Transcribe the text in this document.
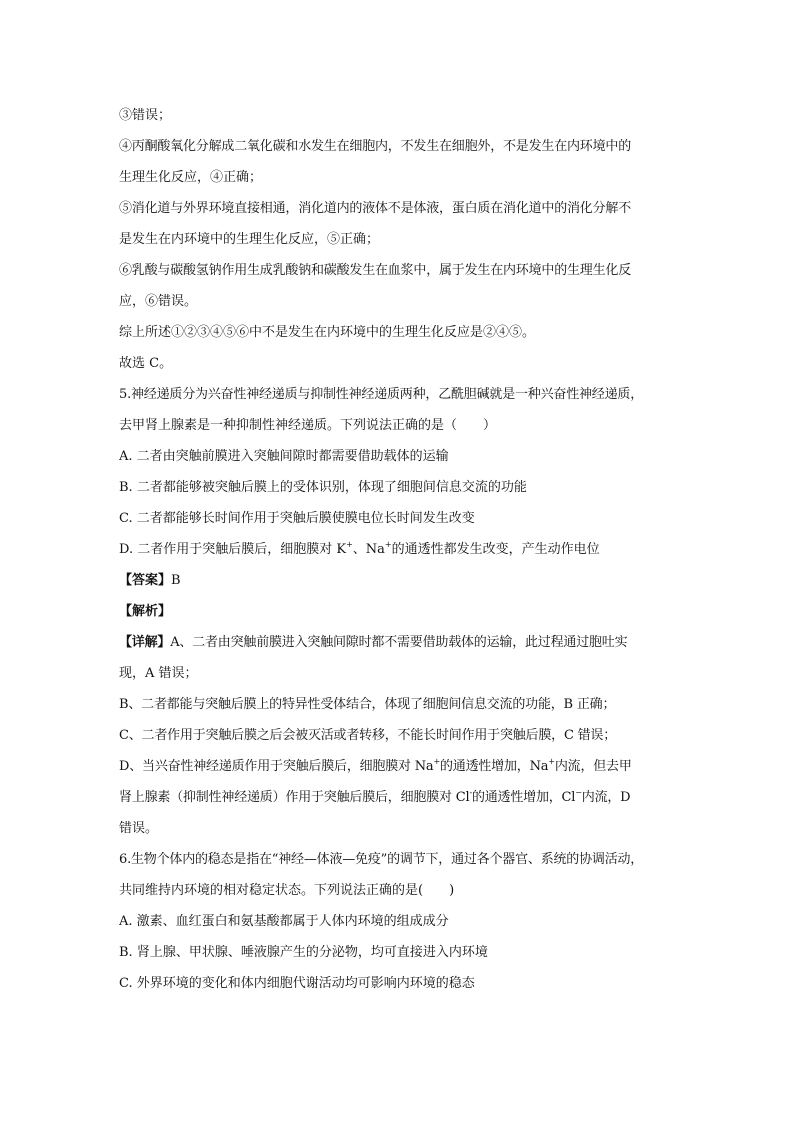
③错误；
④丙酮酸氧化分解成二氧化碳和水发生在细胞内，不发生在细胞外，不是发生在内环境中的
生理生化反应，④正确；
⑤消化道与外界环境直接相通，消化道内的液体不是体液，蛋白质在消化道中的消化分解不
是发生在内环境中的生理生化反应，⑤正确；
⑥乳酸与碳酸氢钠作用生成乳酸钠和碳酸发生在血浆中，属于发生在内环境中的生理生化反
应，⑥错误。
综上所述①②③④⑤⑥中不是发生在内环境中的生理生化反应是②④⑤。
故选 C。
5.神经递质分为兴奋性神经递质与抑制性神经递质两种，乙酰胆碱就是一种兴奋性神经递质，
去甲肾上腺素是一种抑制性神经递质。下列说法正确的是（　　）
A. 二者由突触前膜进入突触间隙时都需要借助载体的运输
B. 二者都能够被突触后膜上的受体识别，体现了细胞间信息交流的功能
C. 二者都能够长时间作用于突触后膜使膜电位长时间发生改变
D. 二者作用于突触后膜后，细胞膜对 K+、Na+的通透性都发生改变，产生动作电位
【答案】B
【解析】
【详解】A、二者由突触前膜进入突触间隙时都不需要借助载体的运输，此过程通过胞吐实
现，A 错误；
B、二者都能与突触后膜上的特异性受体结合，体现了细胞间信息交流的功能，B 正确；
C、二者作用于突触后膜之后会被灭活或者转移，不能长时间作用于突触后膜，C 错误；
D、当兴奋性神经递质作用于突触后膜后，细胞膜对 Na+的通透性增加，Na+内流，但去甲
肾上腺素（抑制性神经递质）作用于突触后膜后，细胞膜对 Cl-的通透性增加，Cl−内流，D
错误。
6.生物个体内的稳态是指在“神经—体液—免疫”的调节下，通过各个器官、系统的协调活动，
共同维持内环境的相对稳定状态。下列说法正确的是(　　)
A. 激素、血红蛋白和氨基酸都属于人体内环境的组成成分
B. 肾上腺、甲状腺、唾液腺产生的分泌物，均可直接进入内环境
C. 外界环境的变化和体内细胞代谢活动均可影响内环境的稳态
